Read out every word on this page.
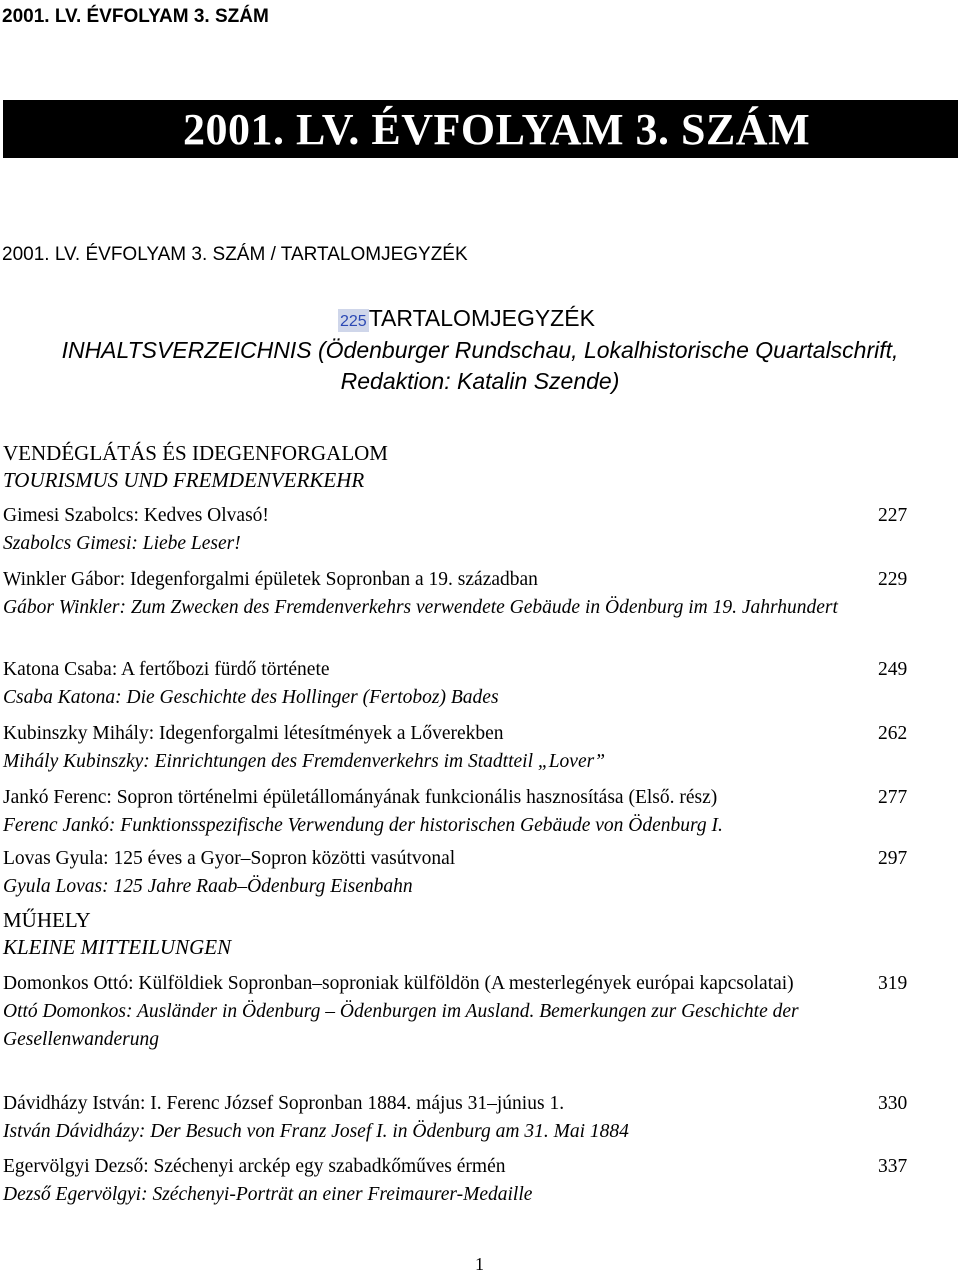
2001. LV. ÉVFOLYAM 3. SZÁM
2001. LV. ÉVFOLYAM 3. SZÁM
2001. LV. ÉVFOLYAM 3. SZÁM / TARTALOMJEGYZÉK
225TARTALOMJEGYZÉK
INHALTSVERZEICHNIS (Ödenburger Rundschau, Lokalhistorische Quartalschrift,
Redaktion: Katalin Szende)
VENDÉGLÁTÁS ÉS IDEGENFORGALOM
TOURISMUS UND FREMDENVERKEHR

Gimesi Szabolcs: Kedves Olvasó!

Szabolcs Gimesi: Liebe Leser!

227

Winkler Gábor: Idegenforgalmi épületek Sopronban a 19. században

Gábor Winkler: Zum Zwecken des Fremdenverkehrs verwendete Gebäude in Ödenburg im 19. Jahrhundert

229

Katona Csaba: A fertőbozi fürdő története

Csaba Katona: Die Geschichte des Hollinger (Fertoboz) Bades

249

Kubinszky Mihály: Idegenforgalmi létesítmények a Lőverekben

Mihály Kubinszky: Einrichtungen des Fremdenverkehrs im Stadtteil „Lover”

262

Jankó Ferenc: Sopron történelmi épületállományának funkcionális hasznosítása (Első. rész)

Ferenc Jankó: Funktionsspezifische Verwendung der historischen Gebäude von Ödenburg I.

277

Lovas Gyula: 125 éves a Gyor–Sopron közötti vasútvonal

Gyula Lovas: 125 Jahre Raab–Ödenburg Eisenbahn

297
MŰHELY
KLEINE MITTEILUNGEN

Domonkos Ottó: Külföldiek Sopronban–soproniak külföldön (A mesterlegények európai kapcsolatai)

Ottó Domonkos: Ausländer in Ödenburg – Ödenburgen im Ausland. Bemerkungen zur Geschichte der Gesellenwanderung

319

Dávidházy István: I. Ferenc József Sopronban 1884. május 31–június 1.

István Dávidházy: Der Besuch von Franz Josef I. in Ödenburg am 31. Mai 1884

330

Egervölgyi Dezső: Széchenyi arckép egy szabadkőműves érmén

Dezső Egervölgyi: Széchenyi-Porträt an einer Freimaurer-Medaille

337
1
